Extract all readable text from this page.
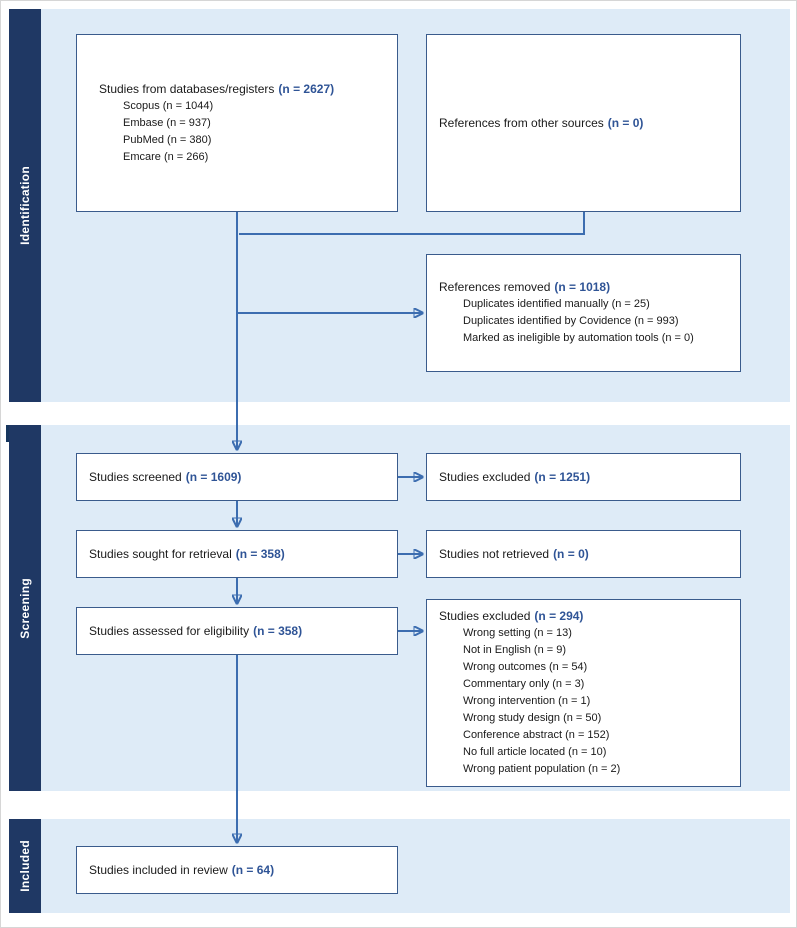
Identification
Screening
Included
Studies from databases/registers (n = 2627)
Scopus (n = 1044)
Embase (n = 937)
PubMed (n = 380)
Emcare (n = 266)
References from other sources (n = 0)
References removed (n = 1018)
Duplicates identified manually (n = 25)
Duplicates identified by Covidence (n = 993)
Marked as ineligible by automation tools (n = 0)
Studies screened (n = 1609)	Studies excluded (n = 1251)
Studies sought for retrieval (n = 358)	Studies not retrieved (n = 0)
Studies assessed for eligibility (n = 358)
Studies excluded (n = 294)
Wrong setting (n = 13)
Not in English (n = 9)
Wrong outcomes (n = 54)
Commentary only (n = 3)
Wrong intervention (n = 1)
Wrong study design (n = 50)
Conference abstract (n = 152)
No full article located (n = 10)
Wrong patient population (n = 2)
Studies included in review (n = 64)
